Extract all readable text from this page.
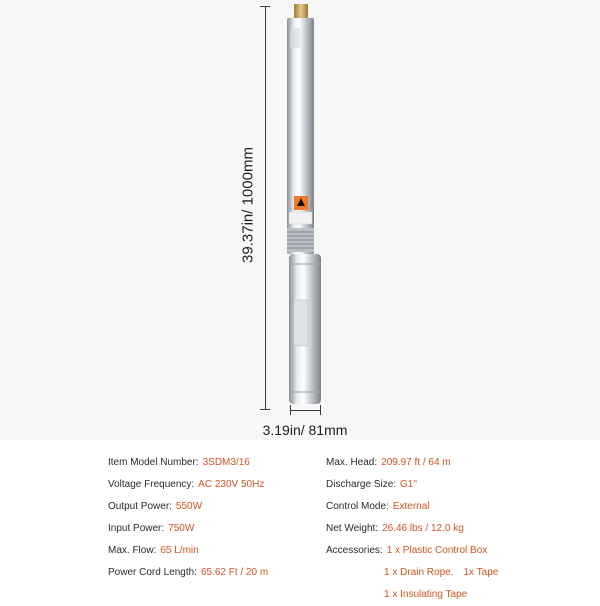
39.37in/ 1000mm
3.19in/ 81mm
Item Model Number: 3SDM3/16
Voltage Frequency: AC 230V 50Hz
Output Power: 550W
Input Power: 750W
Max. Flow: 65 L/min
Power Cord Length: 65.62 Ft / 20 m
Max. Head: 209.97 ft / 64 m
Discharge Size: G1"
Control Mode: External
Net Weight: 26.46 lbs / 12.0 kg
Accessories: 1 x Plastic Control Box
1 x Drain Rope. 1x Tape
1 x Insulating Tape
